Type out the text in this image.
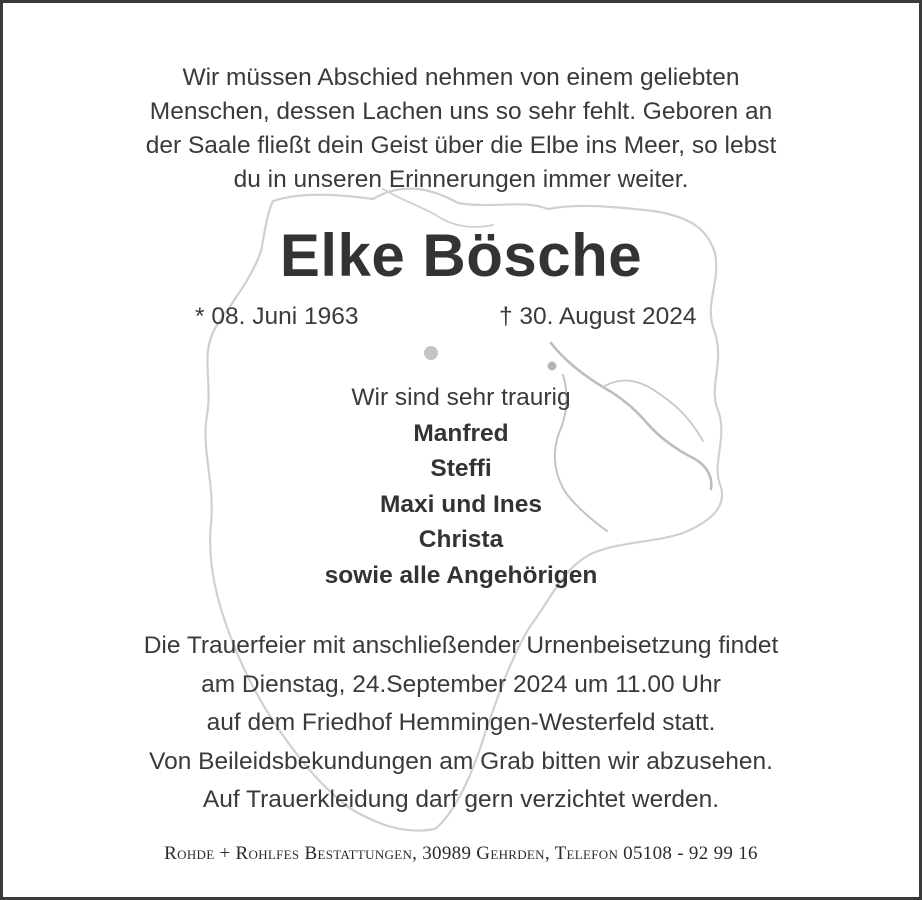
Wir müssen Abschied nehmen von einem geliebten
Menschen, dessen Lachen uns so sehr fehlt. Geboren an
der Saale fließt dein Geist über die Elbe ins Meer, so lebst
du in unseren Erinnerungen immer weiter.
Elke Bösche
* 08. Juni 1963	† 30. August 2024
Wir sind sehr traurig
Manfred
Steffi
Maxi und Ines
Christa
sowie alle Angehörigen
Die Trauerfeier mit anschließender Urnenbeisetzung findet
am Dienstag, 24.September 2024 um 11.00 Uhr
auf dem Friedhof Hemmingen-Westerfeld statt.
Von Beileidsbekundungen am Grab bitten wir abzusehen.
Auf Trauerkleidung darf gern verzichtet werden.
Rohde + Rohlfes Bestattungen, 30989 Gehrden, Telefon 05108 - 92 99 16
